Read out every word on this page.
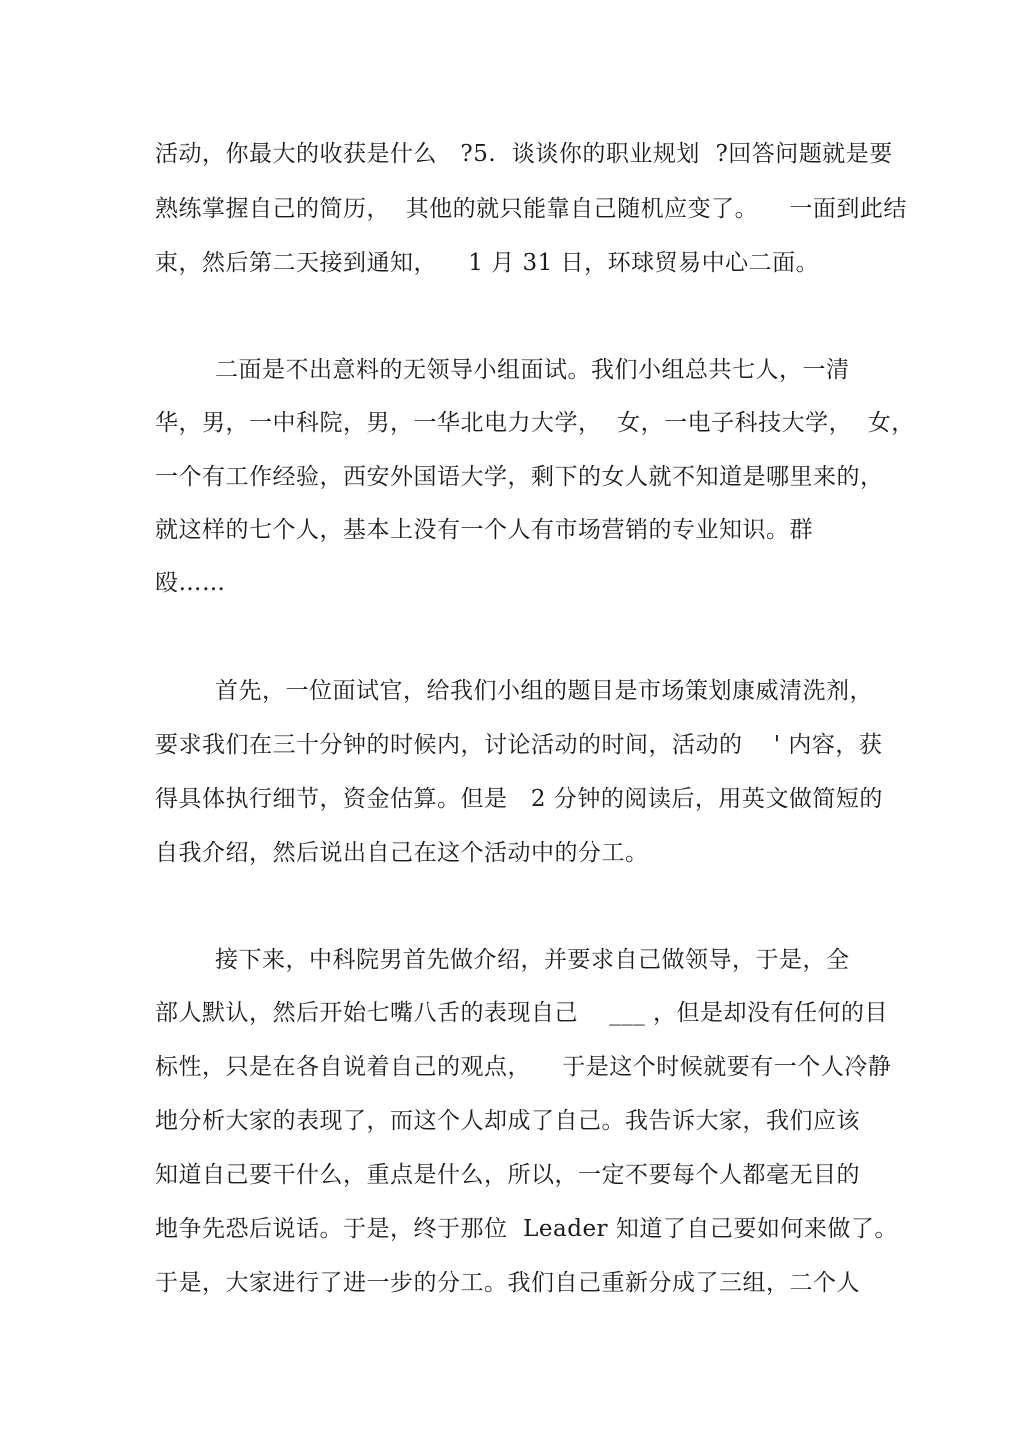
活动，你最大的收获是什么   ?5.  谈谈你的职业规划  ?回答问题就是要
熟练掌握自己的简历，  其他的就只能靠自己随机应变了。    一面到此结
束，然后第二天接到通知，    1 月 31 日，环球贸易中心二面。
二面是不出意料的无领导小组面试。我们小组总共七人，一清
华，男，一中科院，男，一华北电力大学，  女，一电子科技大学，  女，
一个有工作经验，西安外国语大学，剩下的女人就不知道是哪里来的，
就这样的七个人，基本上没有一个人有市场营销的专业知识。群
殴……
首先，一位面试官，给我们小组的题目是市场策划康威清洗剂，
要求我们在三十分钟的时候内，讨论活动的时间，活动的    ' 内容，获
得具体执行细节，资金估算。但是   2 分钟的阅读后，用英文做简短的
自我介绍，然后说出自己在这个活动中的分工。
接下来，中科院男首先做介绍，并要求自己做领导，于是，全
部人默认，然后开始七嘴八舌的表现自己    ___ ，但是却没有任何的目
标性，只是在各自说着自己的观点，    于是这个时候就要有一个人冷静
地分析大家的表现了，而这个人却成了自己。我告诉大家，我们应该
知道自己要干什么，重点是什么，所以，一定不要每个人都毫无目的
地争先恐后说话。于是，终于那位  Leader 知道了自己要如何来做了。
于是，大家进行了进一步的分工。我们自己重新分成了三组，二个人
